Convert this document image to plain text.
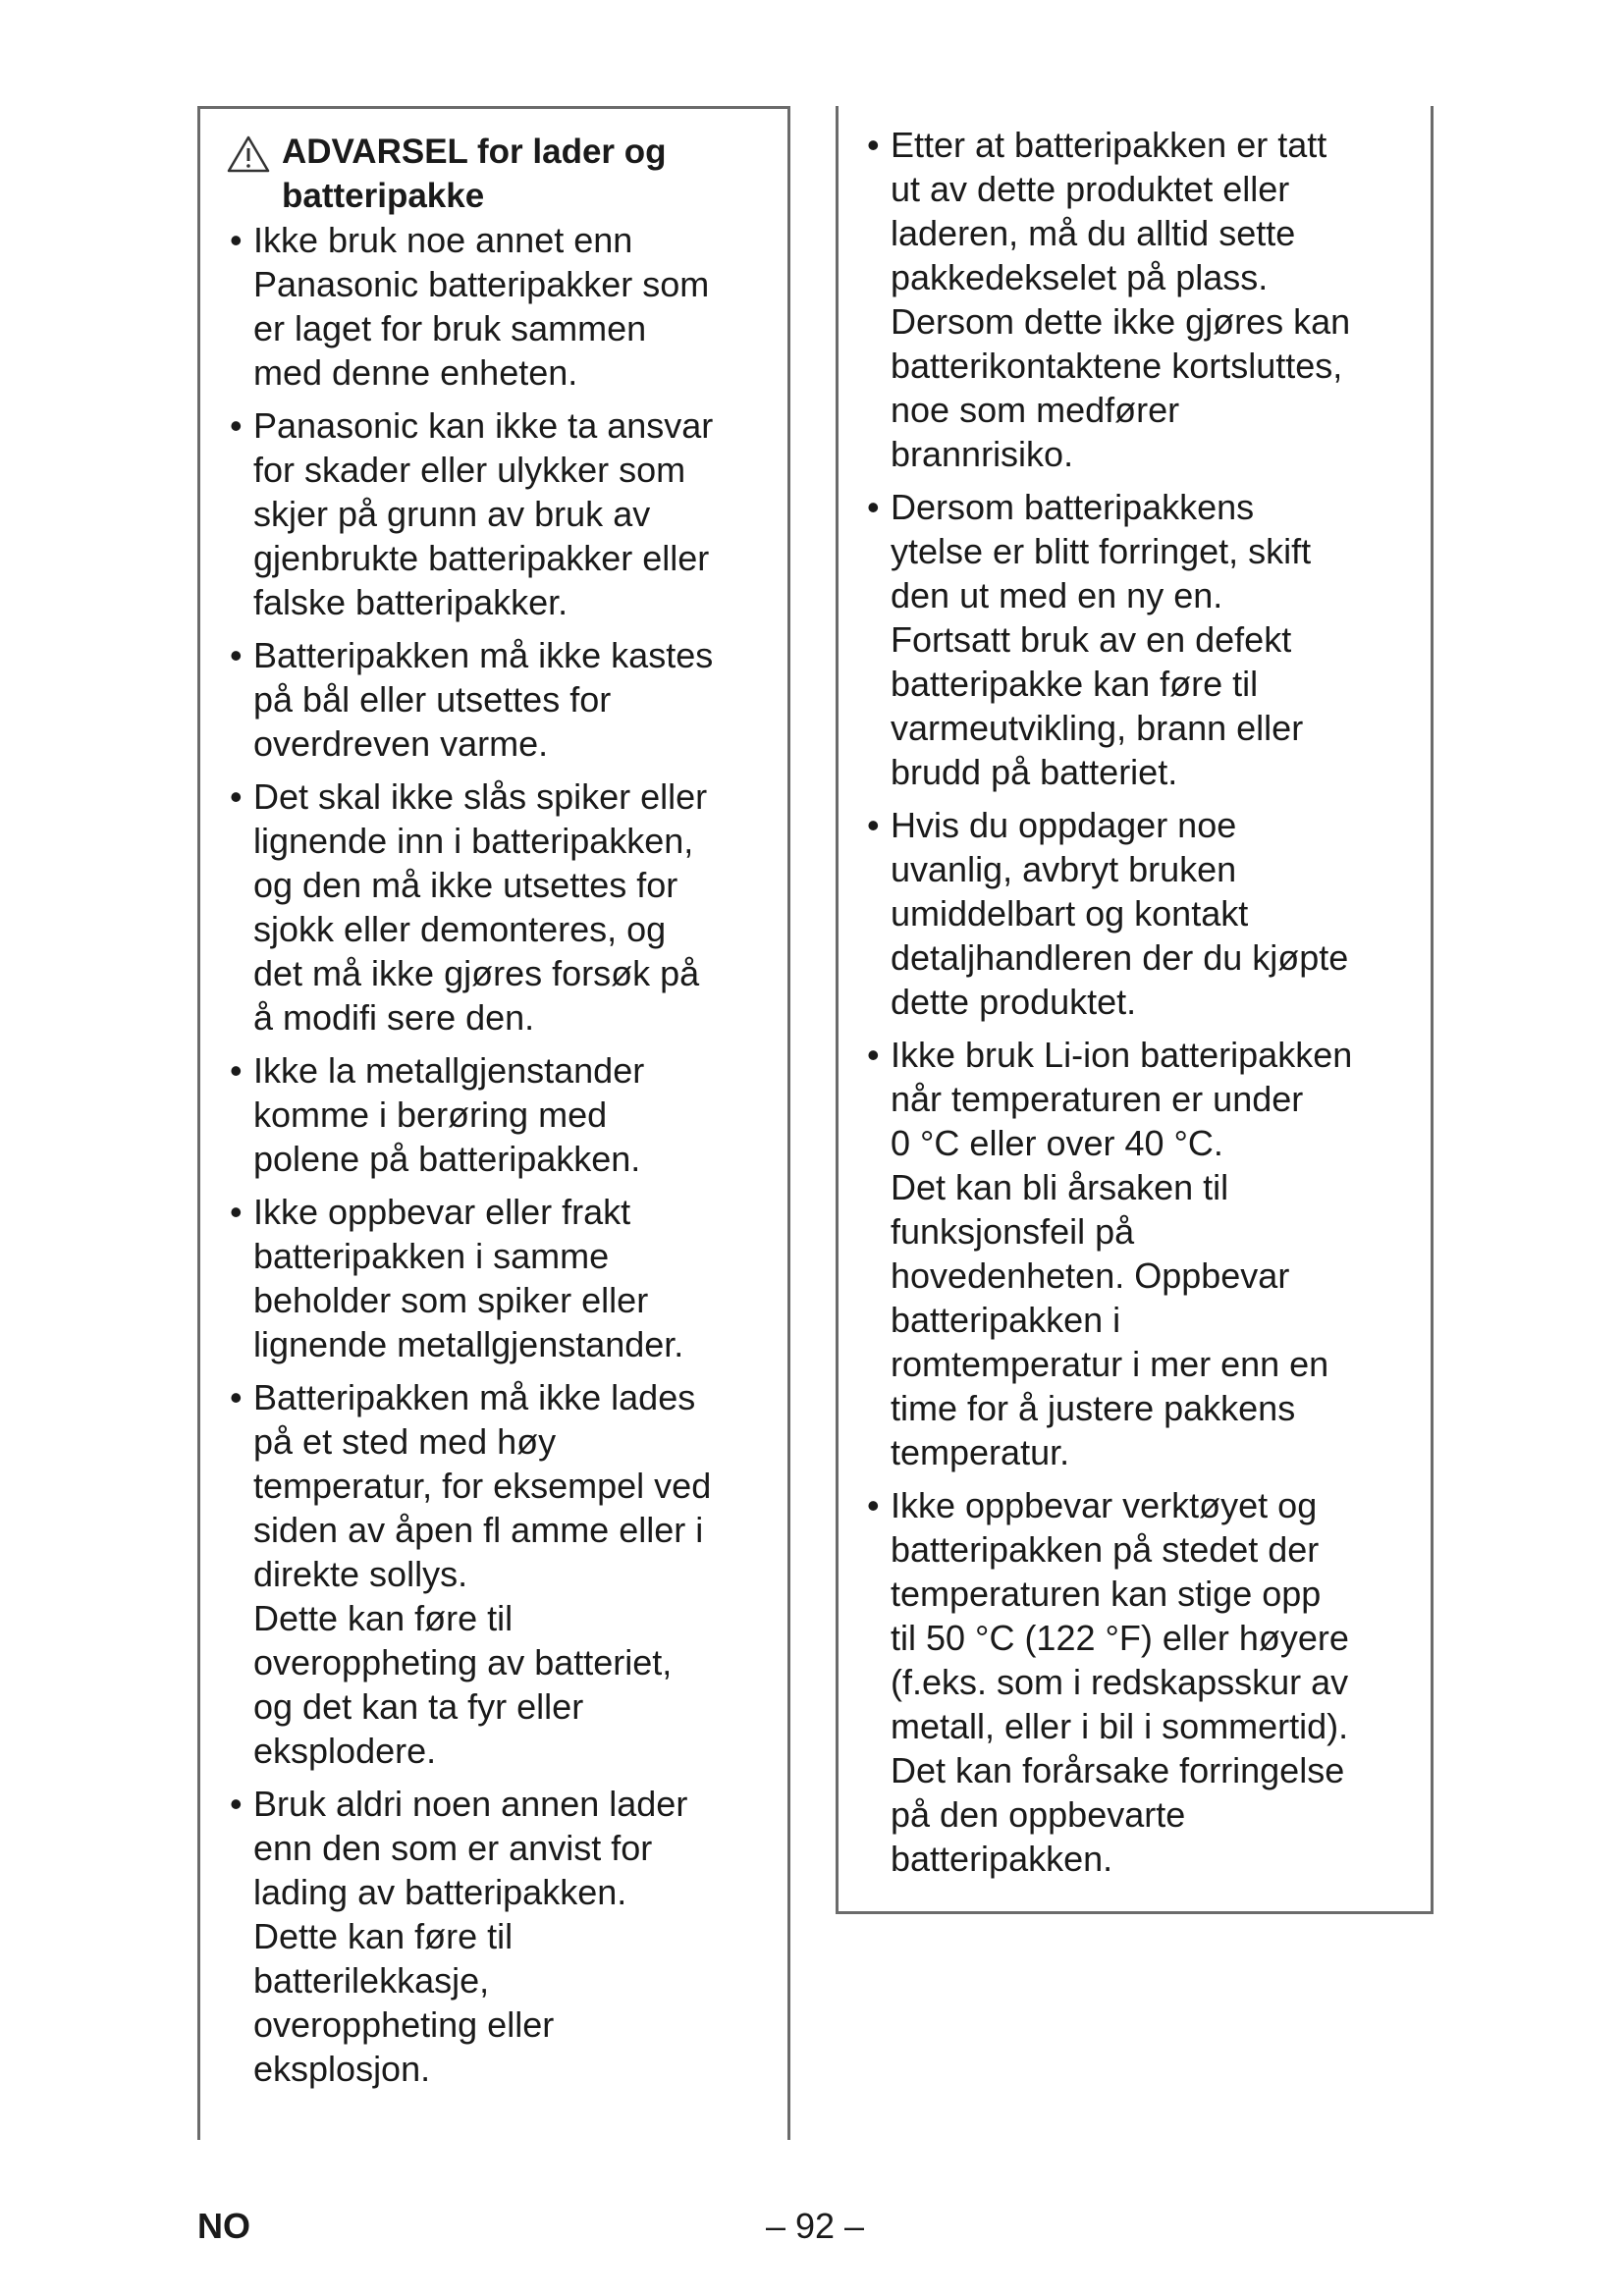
ADVARSEL for lader og
batteripakke
• Ikke bruk noe annet enn
Panasonic batteripakker som
er laget for bruk sammen
med denne enheten.
• Panasonic kan ikke ta ansvar
for skader eller ulykker som
skjer på grunn av bruk av
gjenbrukte batteripakker eller
falske batteripakker.
• Batteripakken må ikke kastes
på bål eller utsettes for
overdreven varme.
• Det skal ikke slås spiker eller
lignende inn i batteripakken,
og den må ikke utsettes for
sjokk eller demonteres, og
det må ikke gjøres forsøk på
å modifi sere den.
• Ikke la metallgjenstander
komme i berøring med
polene på batteripakken.
• Ikke oppbevar eller frakt
batteripakken i samme
beholder som spiker eller
lignende metallgjenstander.
• Batteripakken må ikke lades
på et sted med høy
temperatur, for eksempel ved
siden av åpen fl amme eller i
direkte sollys.
Dette kan føre til
overoppheting av batteriet,
og det kan ta fyr eller
eksplodere.
• Bruk aldri noen annen lader
enn den som er anvist for
lading av batteripakken.
Dette kan føre til
batterilekkasje,
overoppheting eller
eksplosjon.
• Etter at batteripakken er tatt
ut av dette produktet eller
laderen, må du alltid sette
pakkedekselet på plass.
Dersom dette ikke gjøres kan
batterikontaktene kortsluttes,
noe som medfører
brannrisiko.
• Dersom batteripakkens
ytelse er blitt forringet, skift
den ut med en ny en.
Fortsatt bruk av en defekt
batteripakke kan føre til
varmeutvikling, brann eller
brudd på batteriet.
• Hvis du oppdager noe
uvanlig, avbryt bruken
umiddelbart og kontakt
detaljhandleren der du kjøpte
dette produktet.
• Ikke bruk Li-ion batteripakken
når temperaturen er under
0 °C eller over 40 °C.
Det kan bli årsaken til
funksjonsfeil på
hovedenheten. Oppbevar
batteripakken i
romtemperatur i mer enn en
time for å justere pakkens
temperatur.
• Ikke oppbevar verktøyet og
batteripakken på stedet der
temperaturen kan stige opp
til 50 °C (122 °F) eller høyere
(f.eks. som i redskapsskur av
metall, eller i bil i sommertid).
Det kan forårsake forringelse
på den oppbevarte
batteripakken.
NO	– 92 –
